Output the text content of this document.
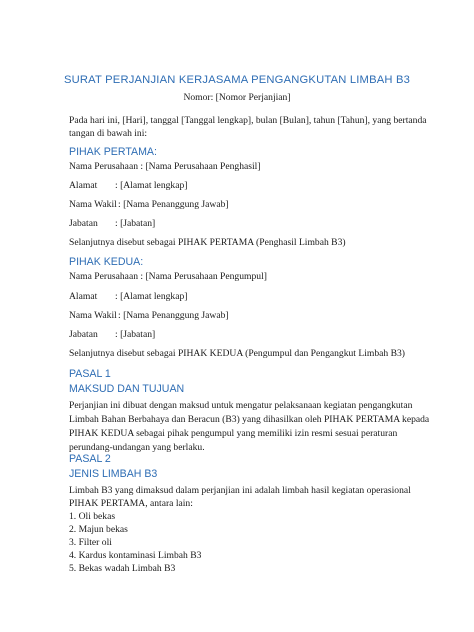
SURAT PERJANJIAN KERJASAMA PENGANGKUTAN LIMBAH B3
Nomor: [Nomor Perjanjian]
Pada hari ini, [Hari], tanggal [Tanggal lengkap], bulan [Bulan], tahun [Tahun], yang bertanda
tangan di bawah ini:
PIHAK PERTAMA:
Nama Perusahaan : [Nama Perusahaan Penghasil]
Alamat : [Alamat lengkap]
Nama Wakil: [Nama Penanggung Jawab]
Jabatan : [Jabatan]
Selanjutnya disebut sebagai PIHAK PERTAMA (Penghasil Limbah B3)
PIHAK KEDUA:
Nama Perusahaan : [Nama Perusahaan Pengumpul]
Alamat : [Alamat lengkap]
Nama Wakil: [Nama Penanggung Jawab]
Jabatan : [Jabatan]
Selanjutnya disebut sebagai PIHAK KEDUA (Pengumpul dan Pengangkut Limbah B3)
PASAL 1
MAKSUD DAN TUJUAN
Perjanjian ini dibuat dengan maksud untuk mengatur pelaksanaan kegiatan pengangkutan
Limbah Bahan Berbahaya dan Beracun (B3) yang dihasilkan oleh PIHAK PERTAMA kepada
PIHAK KEDUA sebagai pihak pengumpul yang memiliki izin resmi sesuai peraturan
perundang-undangan yang berlaku.
PASAL 2
JENIS LIMBAH B3
Limbah B3 yang dimaksud dalam perjanjian ini adalah limbah hasil kegiatan operasional
PIHAK PERTAMA, antara lain:
1. Oli bekas
2. Majun bekas
3. Filter oli
4. Kardus kontaminasi Limbah B3
5. Bekas wadah Limbah B3
